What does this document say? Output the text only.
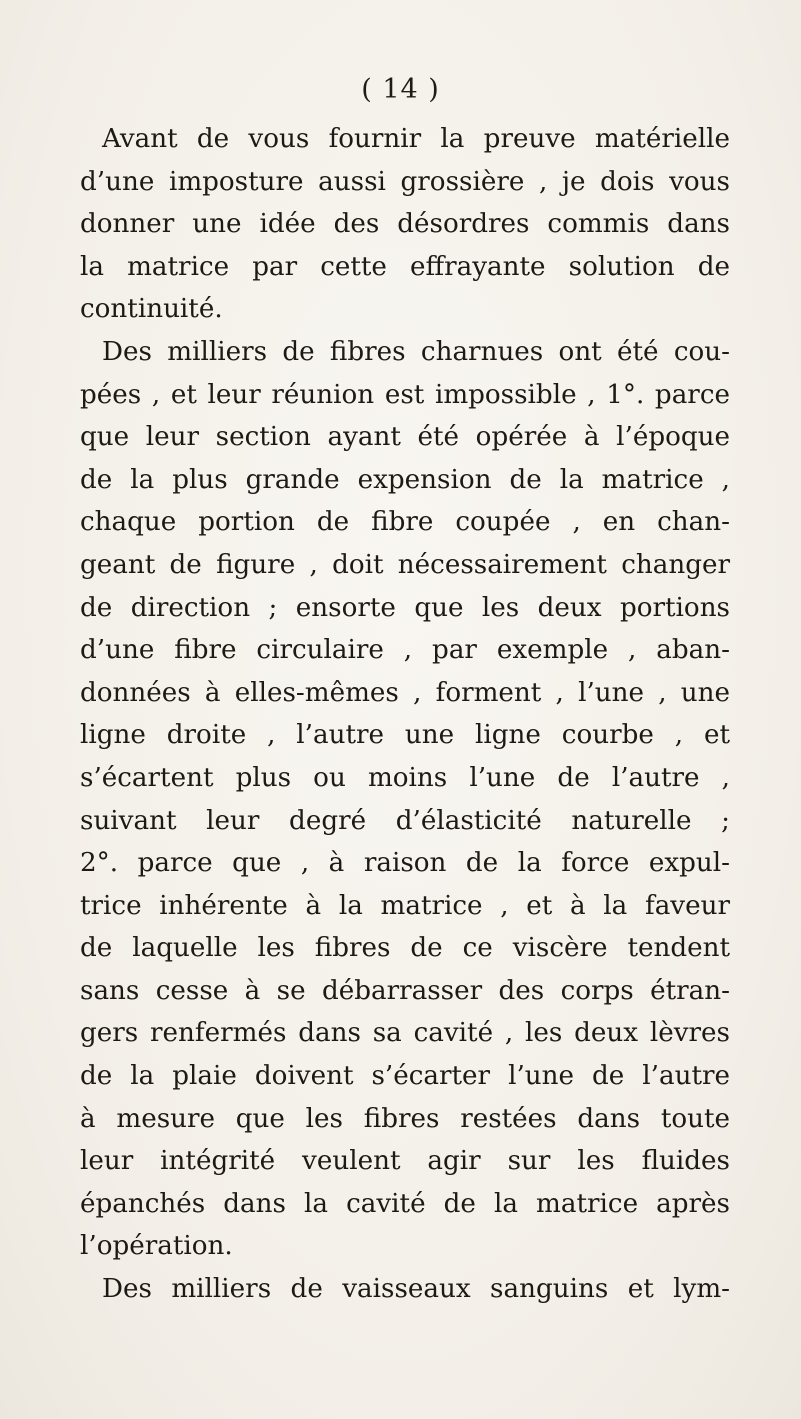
( 14 )
Avant de vous fournir la preuve matérielle
d’une imposture aussi grossière , je dois vous
donner une idée des désordres commis dans
la matrice par cette effrayante solution de
continuité.
Des milliers de fibres charnues ont été cou-
pées , et leur réunion est impossible , 1°. parce
que leur section ayant été opérée à l’époque
de la plus grande expension de la matrice ,
chaque portion de fibre coupée , en chan-
geant de figure , doit nécessairement changer
de direction ; ensorte que les deux portions
d’une fibre circulaire , par exemple , aban-
données à elles-mêmes , forment , l’une , une
ligne droite , l’autre une ligne courbe , et
s’écartent plus ou moins l’une de l’autre ,
suivant leur degré d’élasticité naturelle ;
2°. parce que , à raison de la force expul-
trice inhérente à la matrice , et à la faveur
de laquelle les fibres de ce viscère tendent
sans cesse à se débarrasser des corps étran-
gers renfermés dans sa cavité , les deux lèvres
de la plaie doivent s’écarter l’une de l’autre
à mesure que les fibres restées dans toute
leur intégrité veulent agir sur les fluides
épanchés dans la cavité de la matrice après
l’opération.
Des milliers de vaisseaux sanguins et lym-
